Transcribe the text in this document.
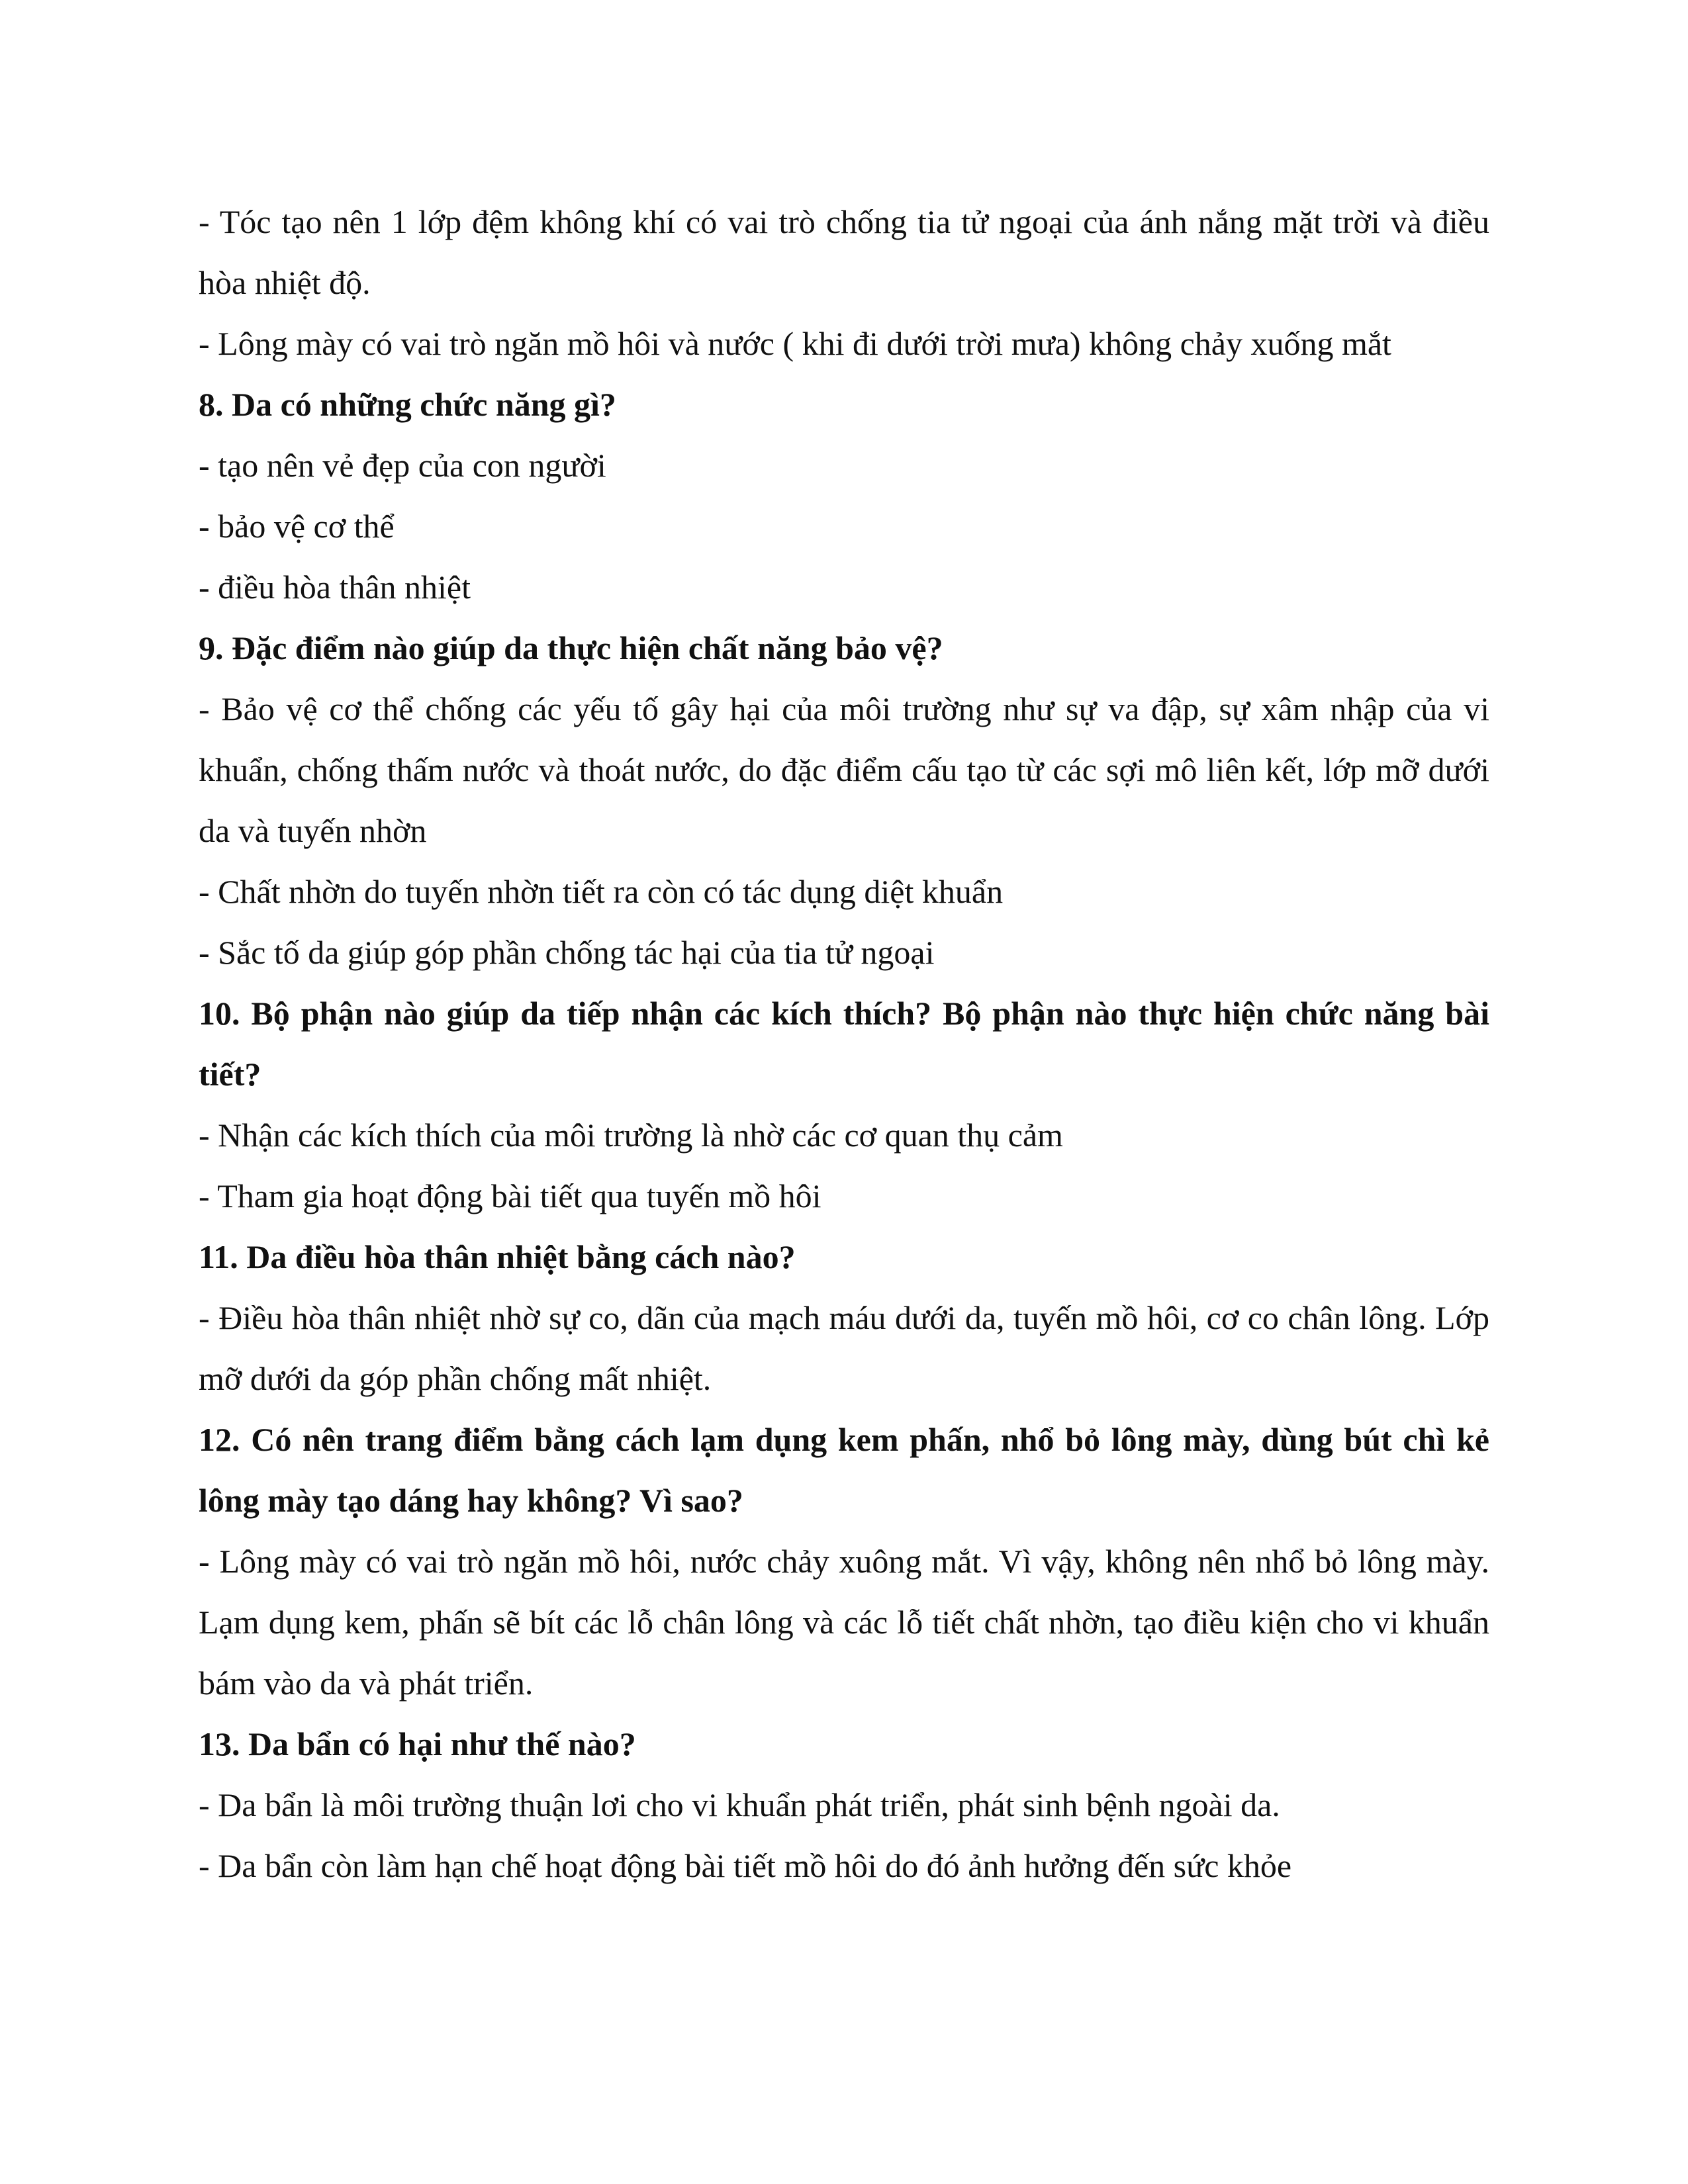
- Tóc tạo nên 1 lớp đệm không khí có vai trò chống tia tử ngoại của ánh nắng mặt trời và điều hòa nhiệt độ.

- Lông mày có vai trò ngăn mồ hôi và nước ( khi đi dưới trời mưa) không chảy xuống mắt

8. Da có những chức năng gì?

- tạo nên vẻ đẹp của con người

- bảo vệ cơ thể

- điều hòa thân nhiệt

9. Đặc điểm nào giúp da thực hiện chất năng bảo vệ?

- Bảo vệ cơ thể chống các yếu tố gây hại của môi trường như sự va đập, sự xâm nhập của vi khuẩn, chống thấm nước và thoát nước, do đặc điểm cấu tạo từ các sợi mô liên kết, lớp mỡ dưới da và tuyến nhờn

- Chất nhờn do tuyến nhờn tiết ra còn có tác dụng diệt khuẩn

- Sắc tố da giúp góp phần chống tác hại của tia tử ngoại

10. Bộ phận nào giúp da tiếp nhận các kích thích? Bộ phận nào thực hiện chức năng bài tiết?

- Nhận các kích thích của môi trường là nhờ các cơ quan thụ cảm

- Tham gia hoạt động bài tiết qua tuyến mồ hôi

11. Da điều hòa thân nhiệt bằng cách nào?

- Điều hòa thân nhiệt nhờ sự co, dãn của mạch máu dưới da, tuyến mồ hôi, cơ co chân lông. Lớp mỡ dưới da góp phần chống mất nhiệt.

12. Có nên trang điểm bằng cách lạm dụng kem phấn, nhổ bỏ lông mày, dùng bút chì kẻ lông mày tạo dáng hay không? Vì sao?

- Lông mày có vai trò ngăn mồ hôi, nước chảy xuông mắt. Vì vậy, không nên nhổ bỏ lông mày. Lạm dụng kem, phấn sẽ bít các lỗ chân lông và các lỗ tiết chất nhờn, tạo điều kiện cho vi khuẩn bám vào da và phát triển.

13. Da bẩn có hại như thế nào?

- Da bẩn là môi trường thuận lơi cho vi khuẩn phát triển, phát sinh bệnh ngoài da.

- Da bẩn còn làm hạn chế hoạt động bài tiết mồ hôi do đó ảnh hưởng đến sức khỏe
